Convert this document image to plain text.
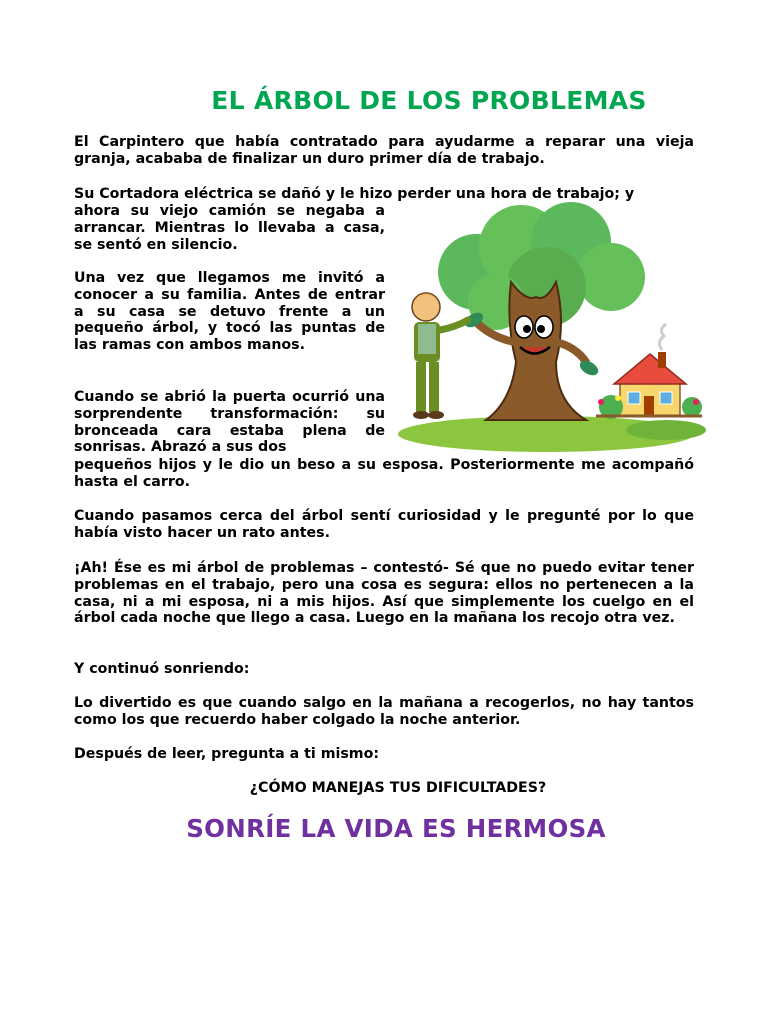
EL ÁRBOL DE LOS PROBLEMAS
El Carpintero que había contratado para ayudarme a reparar una vieja granja, acababa de finalizar un duro primer día de trabajo.
Su Cortadora eléctrica se dañó y le hizo perder una hora de trabajo; y
ahora su viejo camión se negaba a arrancar. Mientras lo llevaba a casa, se sentó en silencio.
Una vez que llegamos me invitó a conocer a su familia. Antes de entrar a su casa se detuvo frente a un pequeño árbol, y tocó las puntas de las ramas con ambos manos.
Cuando se abrió la puerta ocurrió una sorprendente transformación: su bronceada cara estaba plena de sonrisas. Abrazó a sus dos
pequeños hijos y le dio un beso a su esposa. Posteriormente me acompañó hasta el carro.
Cuando pasamos cerca del árbol sentí curiosidad y le pregunté por lo que había visto hacer un rato antes.
¡Ah! Ése es mi árbol de problemas – contestó- Sé que no puedo evitar tener problemas en el trabajo, pero una cosa es segura: ellos no pertenecen a la casa, ni a mi esposa, ni a mis hijos. Así que simplemente los cuelgo en el árbol cada noche que llego a casa. Luego en la mañana los recojo otra vez.
Y continuó sonriendo:
Lo divertido es que cuando salgo en la mañana a recogerlos, no hay tantos como los que recuerdo haber colgado la noche anterior.
Después de leer, pregunta a ti mismo:
¿CÓMO MANEJAS TUS DIFICULTADES?
SONRÍE LA VIDA ES HERMOSA
